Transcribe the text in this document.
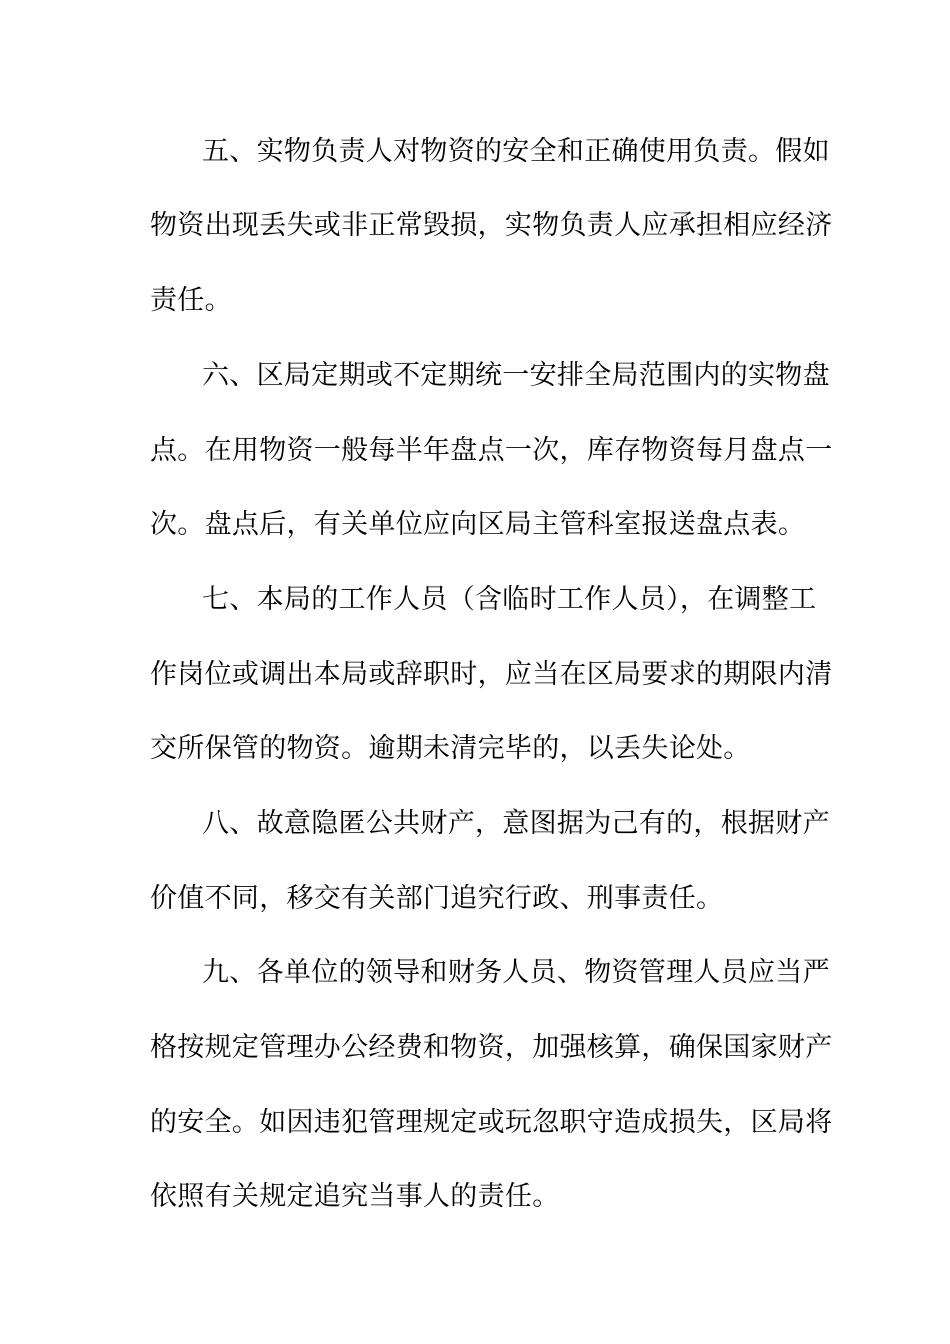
五、实物负责人对物资的安全和正确使用负责。假如
物资出现丢失或非正常毁损，实物负责人应承担相应经济
责任。
六、区局定期或不定期统一安排全局范围内的实物盘
点。在用物资一般每半年盘点一次，库存物资每月盘点一
次。盘点后，有关单位应向区局主管科室报送盘点表。
七、本局的工作人员（含临时工作人员），在调整工
作岗位或调出本局或辞职时，应当在区局要求的期限内清
交所保管的物资。逾期未清完毕的，以丢失论处。
八、故意隐匿公共财产，意图据为己有的，根据财产
价值不同，移交有关部门追究行政、刑事责任。
九、各单位的领导和财务人员、物资管理人员应当严
格按规定管理办公经费和物资，加强核算，确保国家财产
的安全。如因违犯管理规定或玩忽职守造成损失，区局将
依照有关规定追究当事人的责任。
